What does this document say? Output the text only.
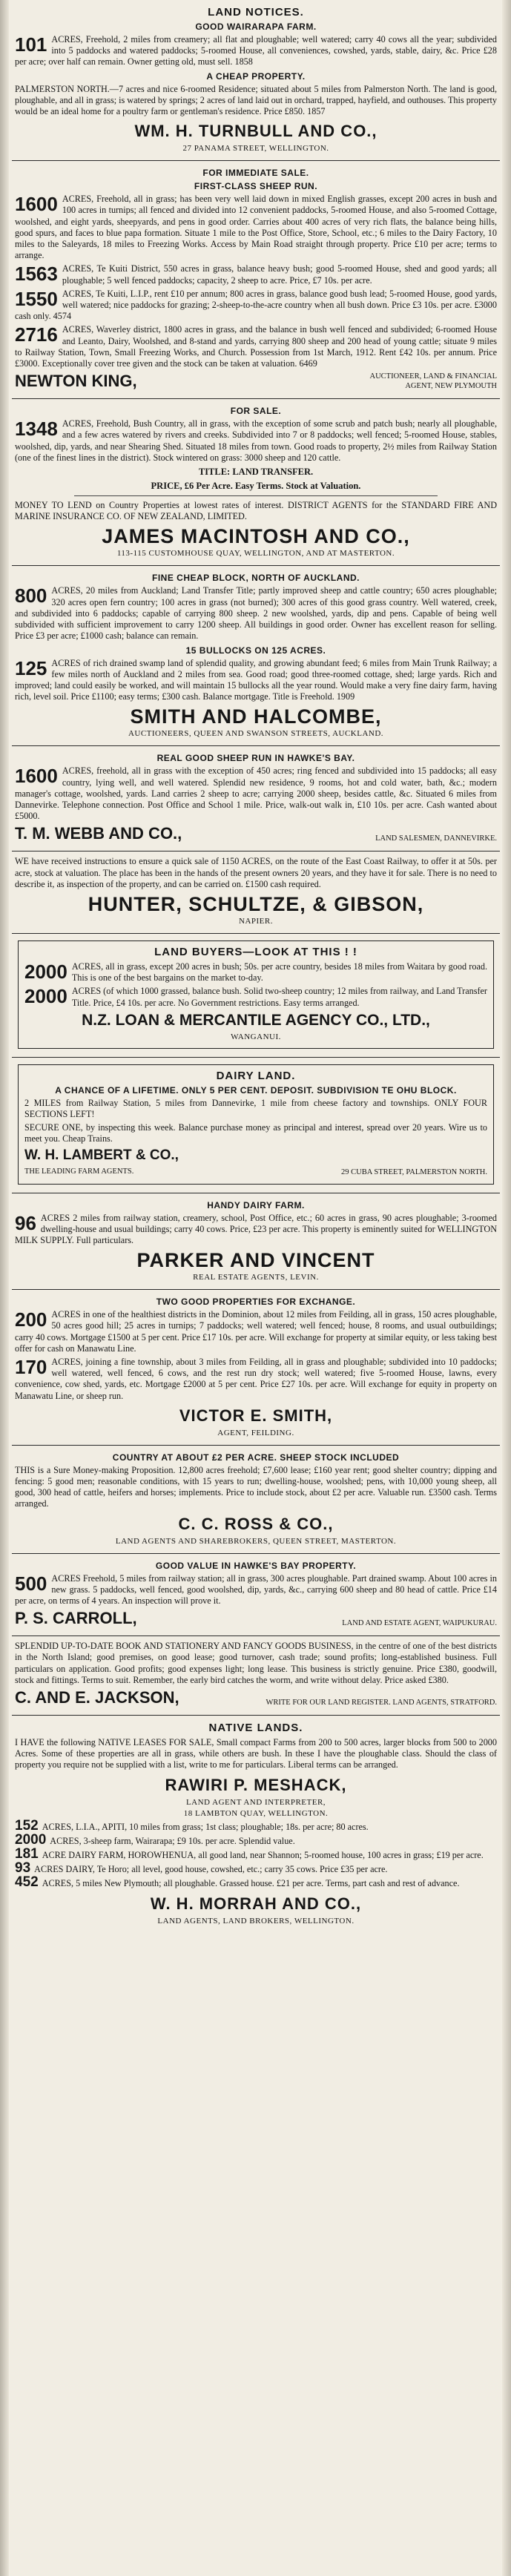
LAND NOTICES.
GOOD WAIRARAPA FARM.
101 ACRES, Freehold, 2 miles from creamery; all flat and ploughable; well watered; carry 40 cows all the year; subdivided into 5 paddocks and watered paddocks; 5-roomed House, all conveniences, cowshed, yards, stable, dairy, &c. Price £28 per acre; over half can remain. Owner getting old, must sell. 1858
A CHEAP PROPERTY.
PALMERSTON NORTH.—7 acres and nice 6-roomed Residence; situated about 5 miles from Palmerston North. The land is good, ploughable, and all in grass; is watered by springs; 2 acres of land laid out in orchard, trapped, hayfield, and outhouses. This property would be an ideal home for a poultry farm or gentleman's residence. Price £850. 1857
WM. H. TURNBULL AND CO.,
27 PANAMA STREET, WELLINGTON.
FOR IMMEDIATE SALE.
FIRST-CLASS SHEEP RUN.
1600 ACRES, Freehold, all in grass; has been very well laid down in mixed English grasses, except 200 acres in bush and 100 acres in turnips; all fenced and divided into 12 convenient paddocks, 5-roomed House, and also 5-roomed Cottage, woolshed, and eight yards, sheepyards, and pens in good order. Carries about 400 acres of very rich flats, the balance being hills, good spurs, and faces to blue papa formation. Situate 1 mile to the Post Office, Store, School, etc.; 6 miles to the Dairy Factory, 10 miles to the Saleyards, 18 miles to Freezing Works. Access by Main Road straight through property. Price £10 per acre; terms to arrange.
1563 ACRES, Te Kuiti District, 550 acres in grass, balance heavy bush; good 5-roomed House, shed and good yards; all ploughable; 5 well fenced paddocks; capacity, 2 sheep to acre. Price, £7 10s. per acre.
1550 ACRES, Te Kuiti, L.I.P., rent £10 per annum; 800 acres in grass, balance good bush lead; 5-roomed House, good yards, well watered; nice paddocks for grazing; 2-sheep-to-the-acre country when all bush down. Price £3 10s. per acre. £3000 cash only. 4574
2716 ACRES, Waverley district, 1800 acres in grass, and the balance in bush well fenced and subdivided; 6-roomed House and Leanto, Dairy, Woolshed, and 8-stand and yards, carrying 800 sheep and 200 head of young cattle; situate 9 miles to Railway Station, Town, Small Freezing Works, and Church. Possession from 1st March, 1912. Rent £42 10s. per annum. Price £3000. Exceptionally cover tree given and the stock can be taken at valuation. 6469
NEWTON KING,	AUCTIONEER, LAND & FINANCIAL
AGENT, NEW PLYMOUTH
FOR SALE.
1348 ACRES, Freehold, Bush Country, all in grass, with the exception of some scrub and patch bush; nearly all ploughable, and a few acres watered by rivers and creeks. Subdivided into 7 or 8 paddocks; well fenced; 5-roomed House, stables, woolshed, dip, yards, and near Shearing Shed. Situated 18 miles from town. Good roads to property, 2½ miles from Railway Station (one of the finest lines in the district). Stock wintered on grass: 3000 sheep and 120 cattle.
TITLE: LAND TRANSFER.
PRICE, £6 Per Acre. Easy Terms. Stock at Valuation.
MONEY TO LEND on Country Properties at lowest rates of interest. DISTRICT AGENTS for the STANDARD FIRE AND MARINE INSURANCE CO. OF NEW ZEALAND, LIMITED.
JAMES MACINTOSH AND CO.,
113-115 CUSTOMHOUSE QUAY, WELLINGTON, AND AT MASTERTON.
FINE CHEAP BLOCK, NORTH OF AUCKLAND.
800 ACRES, 20 miles from Auckland; Land Transfer Title; partly improved sheep and cattle country; 650 acres ploughable; 320 acres open fern country; 100 acres in grass (not burned); 300 acres of this good grass country. Well watered, creek, and subdivided into 6 paddocks; capable of carrying 800 sheep. 2 new woolshed, yards, dip and pens. Capable of being well subdivided with sufficient improvement to carry 1200 sheep. All buildings in good order. Owner has excellent reason for selling. Price £3 per acre; £1000 cash; balance can remain.
15 BULLOCKS ON 125 ACRES.
125 ACRES of rich drained swamp land of splendid quality, and growing abundant feed; 6 miles from Main Trunk Railway; a few miles north of Auckland and 2 miles from sea. Good road; good three-roomed cottage, shed; large yards. Rich and improved; land could easily be worked, and will maintain 15 bullocks all the year round. Would make a very fine dairy farm, having rich, level soil. Price £1100; easy terms; £300 cash. Balance mortgage. Title is Freehold. 1909
SMITH AND HALCOMBE,
AUCTIONEERS, QUEEN AND SWANSON STREETS, AUCKLAND.
REAL GOOD SHEEP RUN IN HAWKE'S BAY.
1600 ACRES, freehold, all in grass with the exception of 450 acres; ring fenced and subdivided into 15 paddocks; all easy country, lying well, and well watered. Splendid new residence, 9 rooms, hot and cold water, bath, &c.; modern manager's cottage, woolshed, yards. Land carries 2 sheep to acre; carrying 2000 sheep, besides cattle, &c. Situated 6 miles from Dannevirke. Telephone connection. Post Office and School 1 mile. Price, walk-out walk in, £10 10s. per acre. Cash wanted about £5000.
T. M. WEBB AND CO.,	LAND SALESMEN, DANNEVIRKE.
WE have received instructions to ensure a quick sale of 1150 ACRES, on the route of the East Coast Railway, to offer it at 50s. per acre, stock at valuation. The place has been in the hands of the present owners 20 years, and they have it for sale. There is no need to describe it, as inspection of the property, and can be carried on. £1500 cash required.
HUNTER, SCHULTZE, & GIBSON,
NAPIER.
LAND BUYERS—LOOK AT THIS ! !
2000 ACRES, all in grass, except 200 acres in bush; 50s. per acre country, besides 18 miles from Waitara by good road. This is one of the best bargains on the market to-day.
2000 ACRES (of which 1000 grassed, balance bush. Solid two-sheep country; 12 miles from railway, and Land Transfer Title. Price, £4 10s. per acre. No Government restrictions. Easy terms arranged.
N.Z. LOAN & MERCANTILE AGENCY CO., LTD.,
WANGANUI.
DAIRY LAND.
A CHANCE OF A LIFETIME. ONLY 5 PER CENT. DEPOSIT. SUBDIVISION TE OHU BLOCK.
2 MILES from Railway Station, 5 miles from Dannevirke, 1 mile from cheese factory and townships. ONLY FOUR SECTIONS LEFT!
SECURE ONE, by inspecting this week. Balance purchase money as principal and interest, spread over 20 years. Wire us to meet you. Cheap Trains.
W. H. LAMBERT & CO.,
THE LEADING FARM AGENTS.	29 CUBA STREET, PALMERSTON NORTH.
HANDY DAIRY FARM.
96 ACRES 2 miles from railway station, creamery, school, Post Office, etc.; 60 acres in grass, 90 acres ploughable; 3-roomed dwelling-house and usual buildings; carry 40 cows. Price, £23 per acre. This property is eminently suited for WELLINGTON MILK SUPPLY. Full particulars.
PARKER AND VINCENT
REAL ESTATE AGENTS, LEVIN.
TWO GOOD PROPERTIES FOR EXCHANGE.
200 ACRES in one of the healthiest districts in the Dominion, about 12 miles from Feilding, all in grass, 150 acres ploughable, 50 acres good hill; 25 acres in turnips; 7 paddocks; well watered; well fenced; house, 8 rooms, and usual outbuildings; carry 40 cows. Mortgage £1500 at 5 per cent. Price £17 10s. per acre. Will exchange for property at similar equity, or less taking best offer for cash on Manawatu Line.
170 ACRES, joining a fine township, about 3 miles from Feilding, all in grass and ploughable; subdivided into 10 paddocks; well watered, well fenced, 6 cows, and the rest run dry stock; well watered; five 5-roomed House, lawns, every convenience, cow shed, yards, etc. Mortgage £2000 at 5 per cent. Price £27 10s. per acre. Will exchange for equity in property on Manawatu Line, or sheep run.
VICTOR E. SMITH,
AGENT, FEILDING.
COUNTRY AT ABOUT £2 PER ACRE. SHEEP STOCK INCLUDED
THIS is a Sure Money-making Proposition. 12,800 acres freehold; £7,600 lease; £160 year rent; good shelter country; dipping and fencing: 5 good men; reasonable conditions, with 15 years to run; dwelling-house, woolshed; pens, with 10,000 young sheep, all good, 300 head of cattle, heifers and horses; implements. Price to include stock, about £2 per acre. Valuable run. £3500 cash. Terms arranged.
C. C. ROSS & CO.,
LAND AGENTS AND SHAREBROKERS, QUEEN STREET, MASTERTON.
GOOD VALUE IN HAWKE'S BAY PROPERTY.
500 ACRES Freehold, 5 miles from railway station; all in grass, 300 acres ploughable. Part drained swamp. About 100 acres in new grass. 5 paddocks, well fenced, good woolshed, dip, yards, &c., carrying 600 sheep and 80 head of cattle. Price £14 per acre, on terms of 4 years. An inspection will prove it.
P. S. CARROLL,	LAND AND ESTATE AGENT, WAIPUKURAU.
SPLENDID UP-TO-DATE BOOK AND STATIONERY AND FANCY GOODS BUSINESS, in the centre of one of the best districts in the North Island; good premises, on good lease; good turnover, cash trade; sound profits; long-established business. Full particulars on application. Good profits; good expenses light; long lease. This business is strictly genuine. Price £380, goodwill, stock and fittings. Terms to suit. Remember, the early bird catches the worm, and write without delay. Price asked £380.
C. AND E. JACKSON,	WRITE FOR OUR LAND REGISTER. LAND AGENTS, STRATFORD.
NATIVE LANDS.
I HAVE the following NATIVE LEASES FOR SALE, Small compact Farms from 200 to 500 acres, larger blocks from 500 to 2000 Acres. Some of these properties are all in grass, while others are bush. In these I have the ploughable class. Should the class of property you require not be supplied with a list, write to me for particulars. Liberal terms can be arranged.
RAWIRI P. MESHACK,
LAND AGENT AND INTERPRETER,
18 LAMBTON QUAY, WELLINGTON.
152 ACRES, L.I.A., APITI, 10 miles from grass; 1st class; ploughable; 18s. per acre; 80 acres.
2000 ACRES, 3-sheep farm, Wairarapa; £9 10s. per acre. Splendid value.
181 ACRE DAIRY FARM, HOROWHENUA, all good land, near Shannon; 5-roomed house, 100 acres in grass; £19 per acre.
93 ACRES DAIRY, Te Horo; all level, good house, cowshed, etc.; carry 35 cows. Price £35 per acre.
452 ACRES, 5 miles New Plymouth; all ploughable. Grassed house. £21 per acre. Terms, part cash and rest of advance.
W. H. MORRAH AND CO.,
LAND AGENTS, LAND BROKERS, WELLINGTON.
